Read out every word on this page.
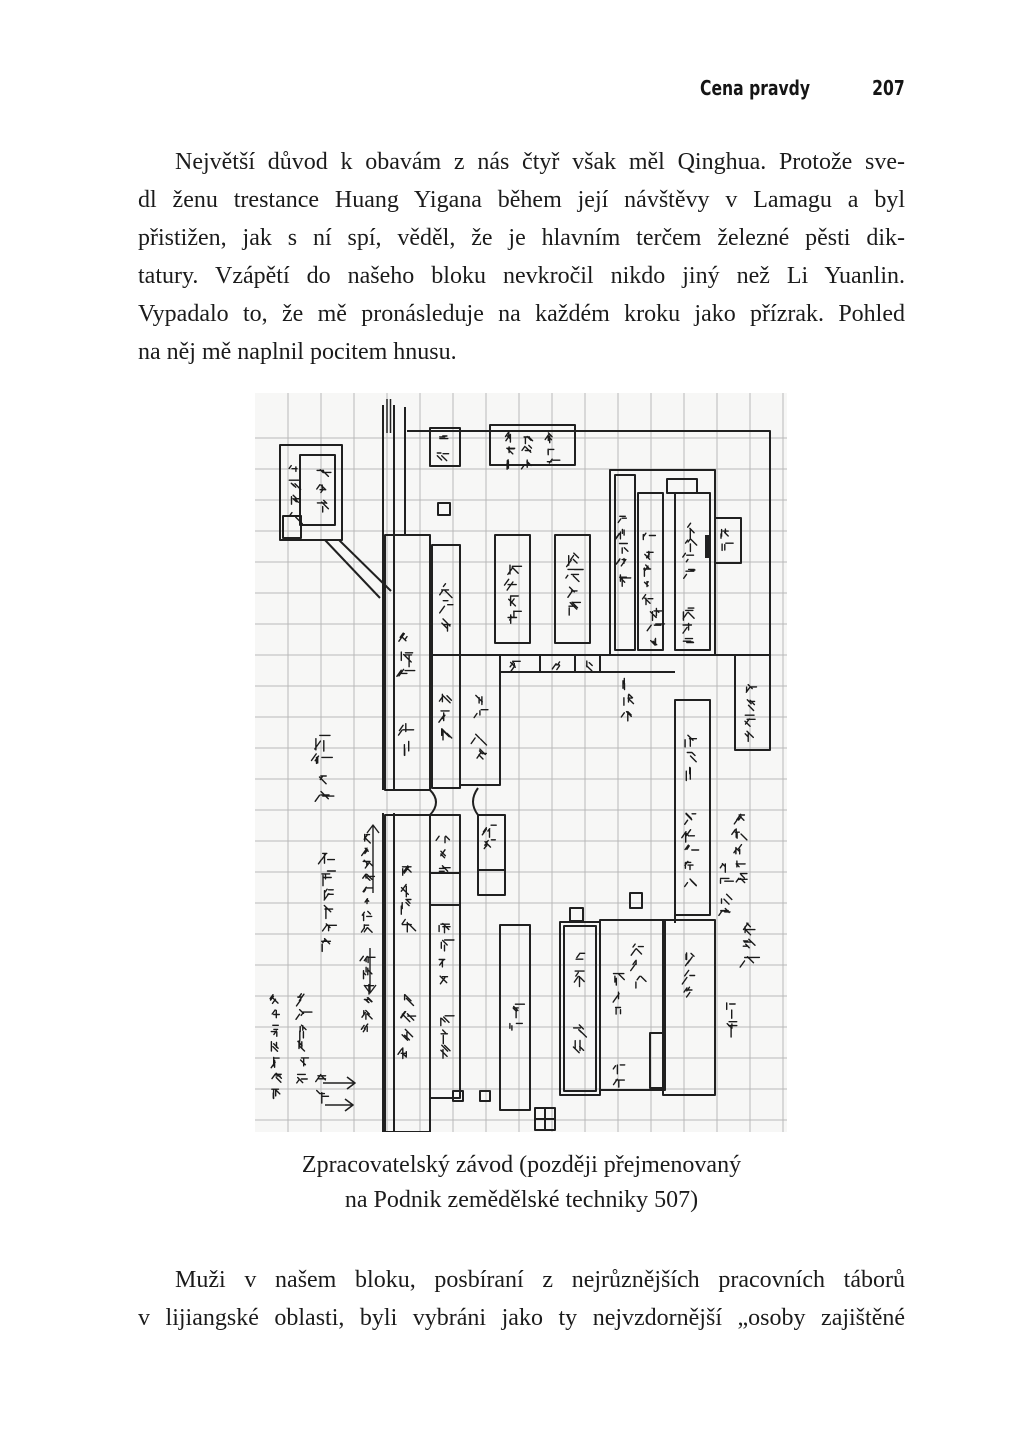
Cena pravdy	207
Největší důvod k obavám z nás čtyř však měl Qinghua. Protože sve-
dl ženu trestance Huang Yigana během její návštěvy v Lamagu a byl
přistižen, jak s ní spí, věděl, že je hlavním terčem železné pěsti dik-
tatury. Vzápětí do našeho bloku nevkročil nikdo jiný než Li Yuanlin.
Vypadalo to, že mě pronásleduje na každém kroku jako přízrak. Pohled
na něj mě naplnil pocitem hnusu.
Zpracovatelský závod (později přejmenovaný
na Podnik zemědělské techniky 507)
Muži v našem bloku, posbíraní z nejrůznějších pracovních táborů
v lijiangské oblasti, byli vybráni jako ty nejvzdornější „osoby zajištěné
